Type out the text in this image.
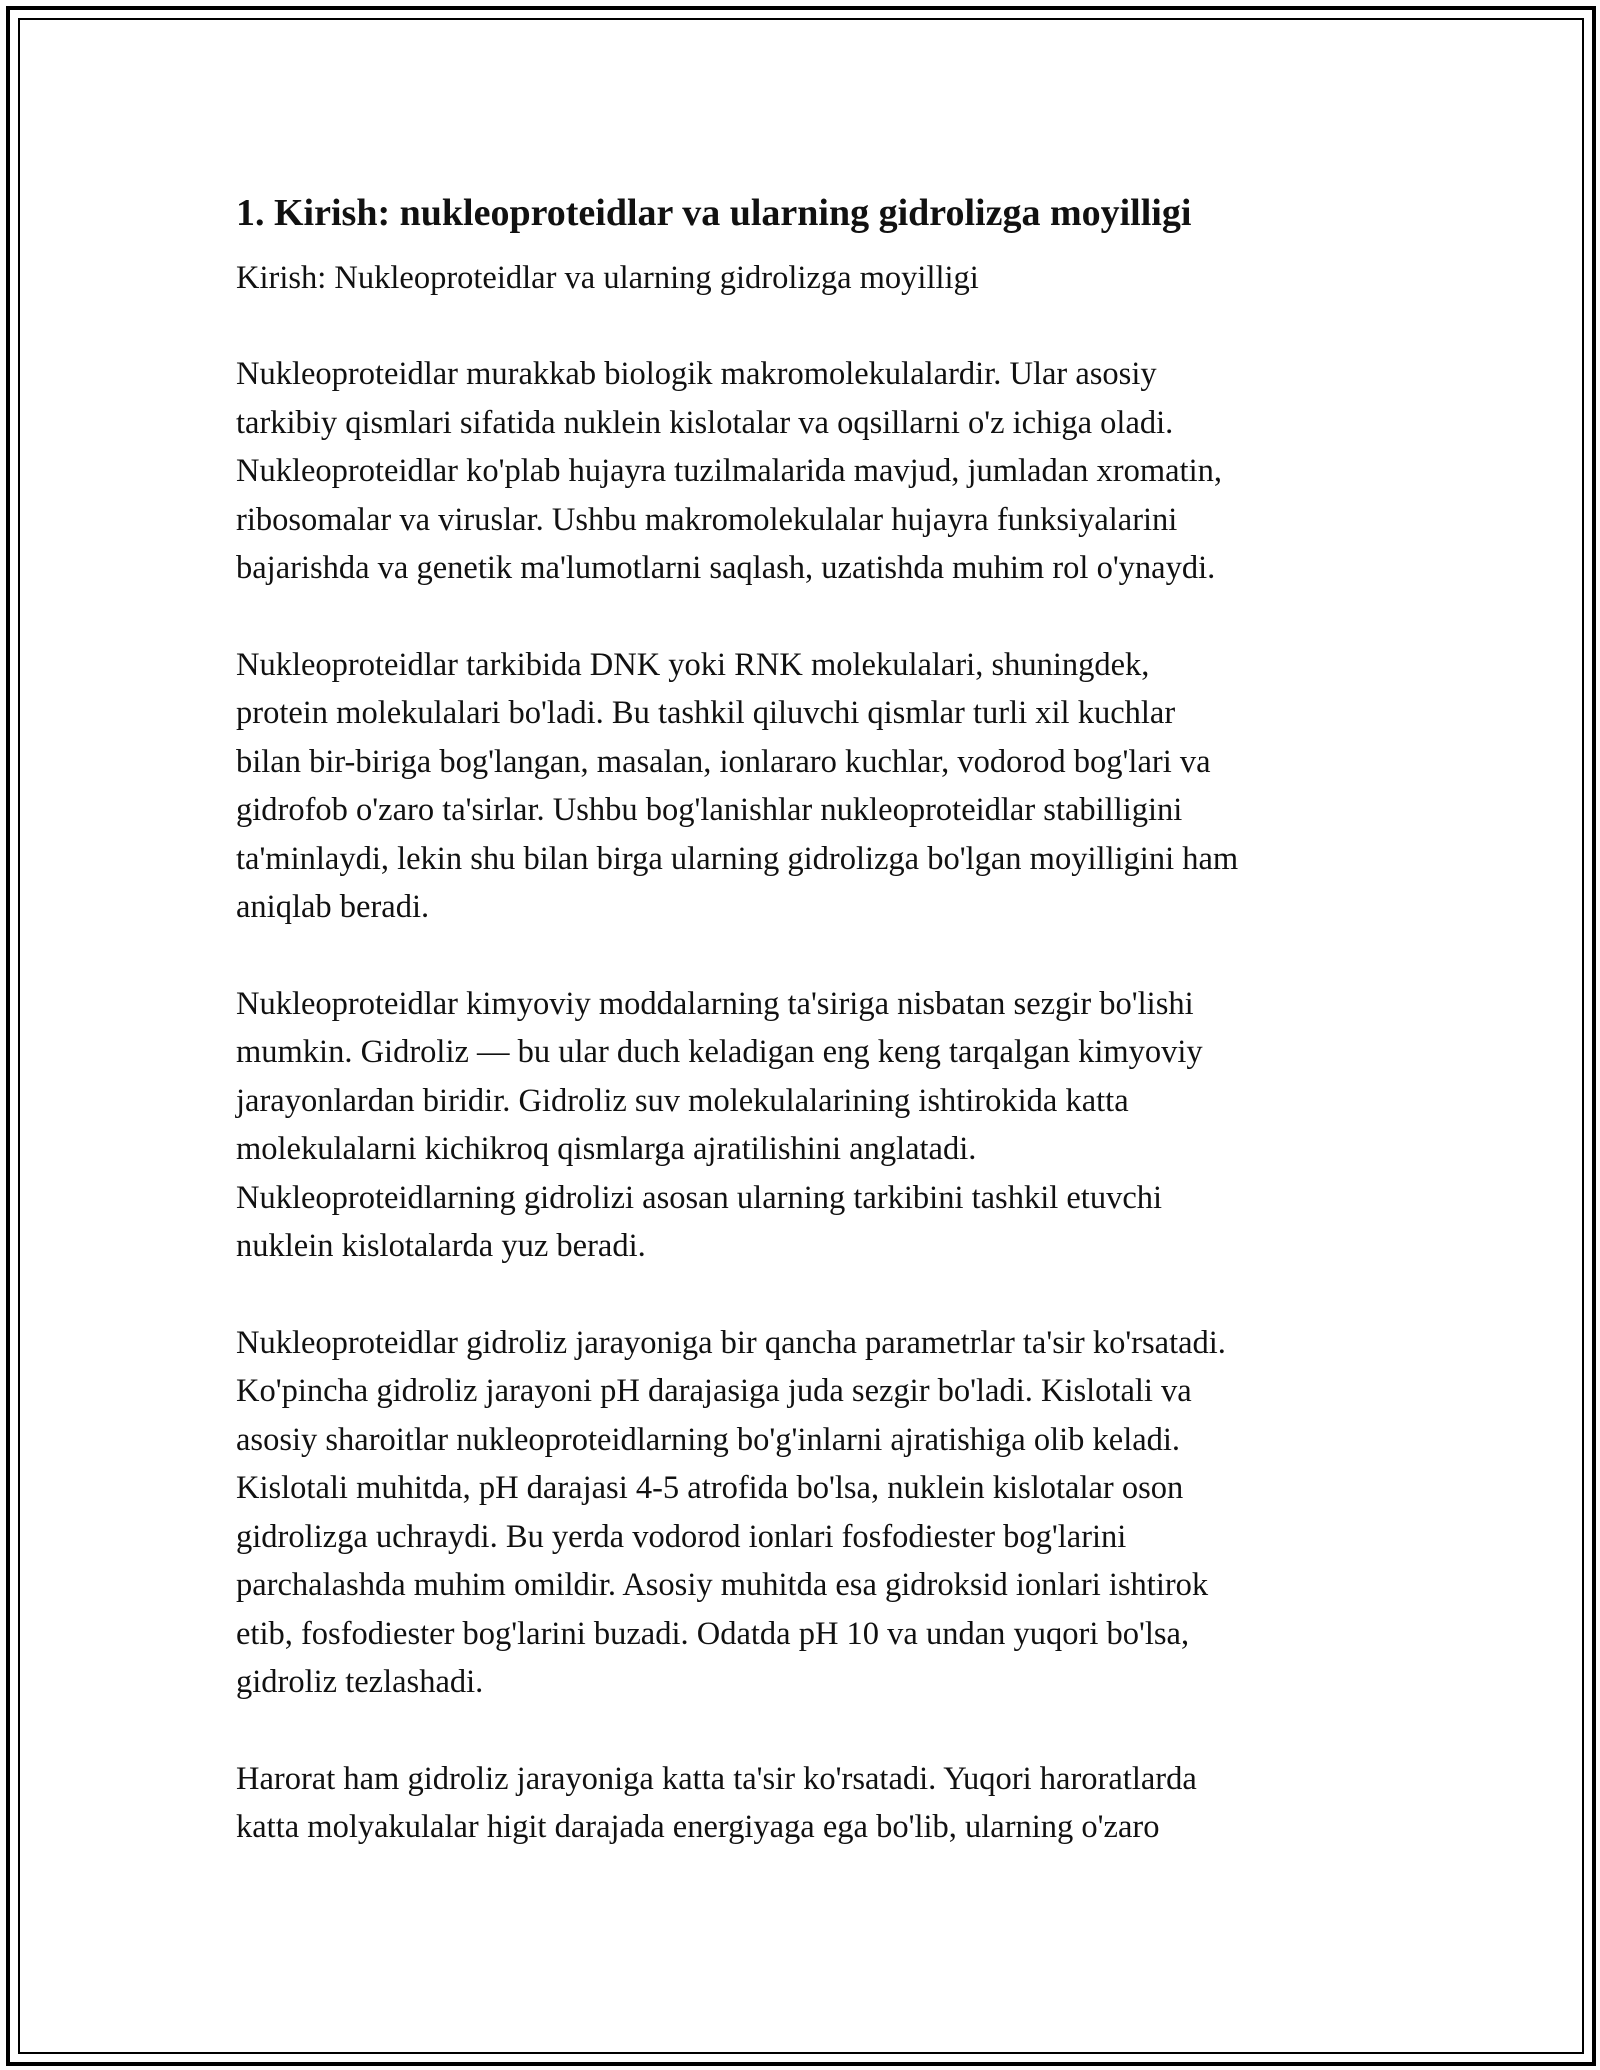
1. Kirish: nukleoproteidlar va ularning gidrolizga moyilligi

Kirish: Nukleoproteidlar va ularning gidrolizga moyilligi

Nukleoproteidlar murakkab biologik makromolekulalardir. Ular asosiy
tarkibiy qismlari sifatida nuklein kislotalar va oqsillarni o'z ichiga oladi.
Nukleoproteidlar ko'plab hujayra tuzilmalarida mavjud, jumladan xromatin,
ribosomalar va viruslar. Ushbu makromolekulalar hujayra funksiyalarini
bajarishda va genetik ma'lumotlarni saqlash, uzatishda muhim rol o'ynaydi.

Nukleoproteidlar tarkibida DNK yoki RNK molekulalari, shuningdek,
protein molekulalari bo'ladi. Bu tashkil qiluvchi qismlar turli xil kuchlar
bilan bir-biriga bog'langan, masalan, ionlararo kuchlar, vodorod bog'lari va
gidrofob o'zaro ta'sirlar. Ushbu bog'lanishlar nukleoproteidlar stabilligini
ta'minlaydi, lekin shu bilan birga ularning gidrolizga bo'lgan moyilligini ham
aniqlab beradi.

Nukleoproteidlar kimyoviy moddalarning ta'siriga nisbatan sezgir bo'lishi
mumkin. Gidroliz — bu ular duch keladigan eng keng tarqalgan kimyoviy
jarayonlardan biridir. Gidroliz suv molekulalarining ishtirokida katta
molekulalarni kichikroq qismlarga ajratilishini anglatadi.
Nukleoproteidlarning gidrolizi asosan ularning tarkibini tashkil etuvchi
nuklein kislotalarda yuz beradi.

Nukleoproteidlar gidroliz jarayoniga bir qancha parametrlar ta'sir ko'rsatadi.
Ko'pincha gidroliz jarayoni pH darajasiga juda sezgir bo'ladi. Kislotali va
asosiy sharoitlar nukleoproteidlarning bo'g'inlarni ajratishiga olib keladi.
Kislotali muhitda, pH darajasi 4-5 atrofida bo'lsa, nuklein kislotalar oson
gidrolizga uchraydi. Bu yerda vodorod ionlari fosfodiester bog'larini
parchalashda muhim omildir. Asosiy muhitda esa gidroksid ionlari ishtirok
etib, fosfodiester bog'larini buzadi. Odatda pH 10 va undan yuqori bo'lsa,
gidroliz tezlashadi.

Harorat ham gidroliz jarayoniga katta ta'sir ko'rsatadi. Yuqori haroratlarda
katta molyakulalar higit darajada energiyaga ega bo'lib, ularning o'zaro
